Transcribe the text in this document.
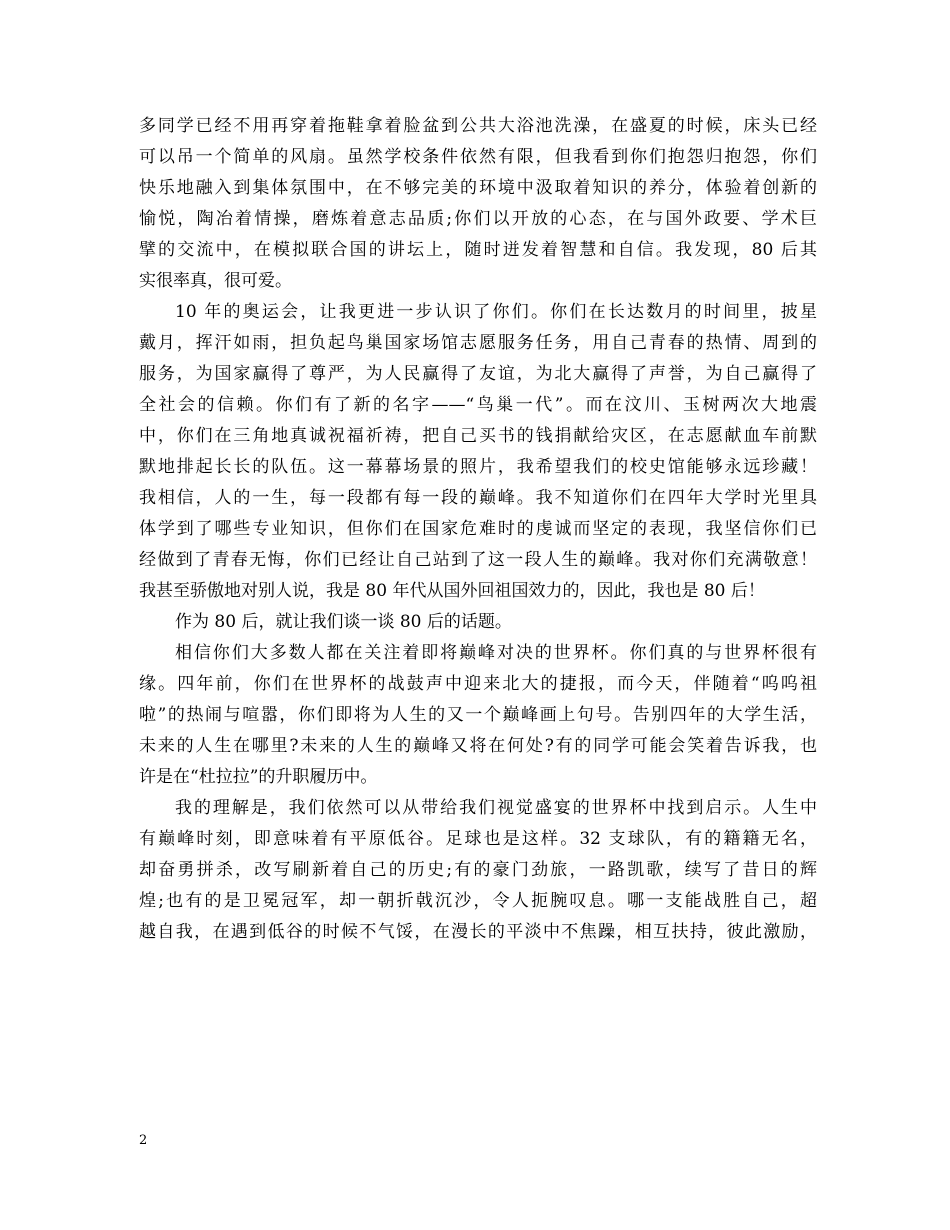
多同学已经不用再穿着拖鞋拿着脸盆到公共大浴池洗澡，在盛夏的时候，床头已经
可以吊一个简单的风扇。虽然学校条件依然有限，但我看到你们抱怨归抱怨，你们
快乐地融入到集体氛围中，在不够完美的环境中汲取着知识的养分，体验着创新的
愉悦，陶冶着情操，磨炼着意志品质;你们以开放的心态，在与国外政要、学术巨
擘的交流中，在模拟联合国的讲坛上，随时迸发着智慧和自信。我发现，80 后其
实很率真，很可爱。
10 年的奥运会，让我更进一步认识了你们。你们在长达数月的时间里，披星
戴月，挥汗如雨，担负起鸟巢国家场馆志愿服务任务，用自己青春的热情、周到的
服务，为国家赢得了尊严，为人民赢得了友谊，为北大赢得了声誉，为自己赢得了
全社会的信赖。你们有了新的名字——“鸟巢一代”。而在汶川、玉树两次大地震
中，你们在三角地真诚祝福祈祷，把自己买书的钱捐献给灾区，在志愿献血车前默
默地排起长长的队伍。这一幕幕场景的照片，我希望我们的校史馆能够永远珍藏！
我相信，人的一生，每一段都有每一段的巅峰。我不知道你们在四年大学时光里具
体学到了哪些专业知识，但你们在国家危难时的虔诚而坚定的表现，我坚信你们已
经做到了青春无悔，你们已经让自己站到了这一段人生的巅峰。我对你们充满敬意！
我甚至骄傲地对别人说，我是 80 年代从国外回祖国效力的，因此，我也是 80 后！
作为 80 后，就让我们谈一谈 80 后的话题。
相信你们大多数人都在关注着即将巅峰对决的世界杯。你们真的与世界杯很有
缘。四年前，你们在世界杯的战鼓声中迎来北大的捷报，而今天，伴随着“呜呜祖
啦”的热闹与喧嚣，你们即将为人生的又一个巅峰画上句号。告别四年的大学生活，
未来的人生在哪里?未来的人生的巅峰又将在何处?有的同学可能会笑着告诉我，也
许是在“杜拉拉”的升职履历中。
我的理解是，我们依然可以从带给我们视觉盛宴的世界杯中找到启示。人生中
有巅峰时刻，即意味着有平原低谷。足球也是这样。32 支球队，有的籍籍无名，
却奋勇拼杀，改写刷新着自己的历史;有的豪门劲旅，一路凯歌，续写了昔日的辉
煌;也有的是卫冕冠军，却一朝折戟沉沙，令人扼腕叹息。哪一支能战胜自己，超
越自我，在遇到低谷的时候不气馁，在漫长的平淡中不焦躁，相互扶持，彼此激励，
2
